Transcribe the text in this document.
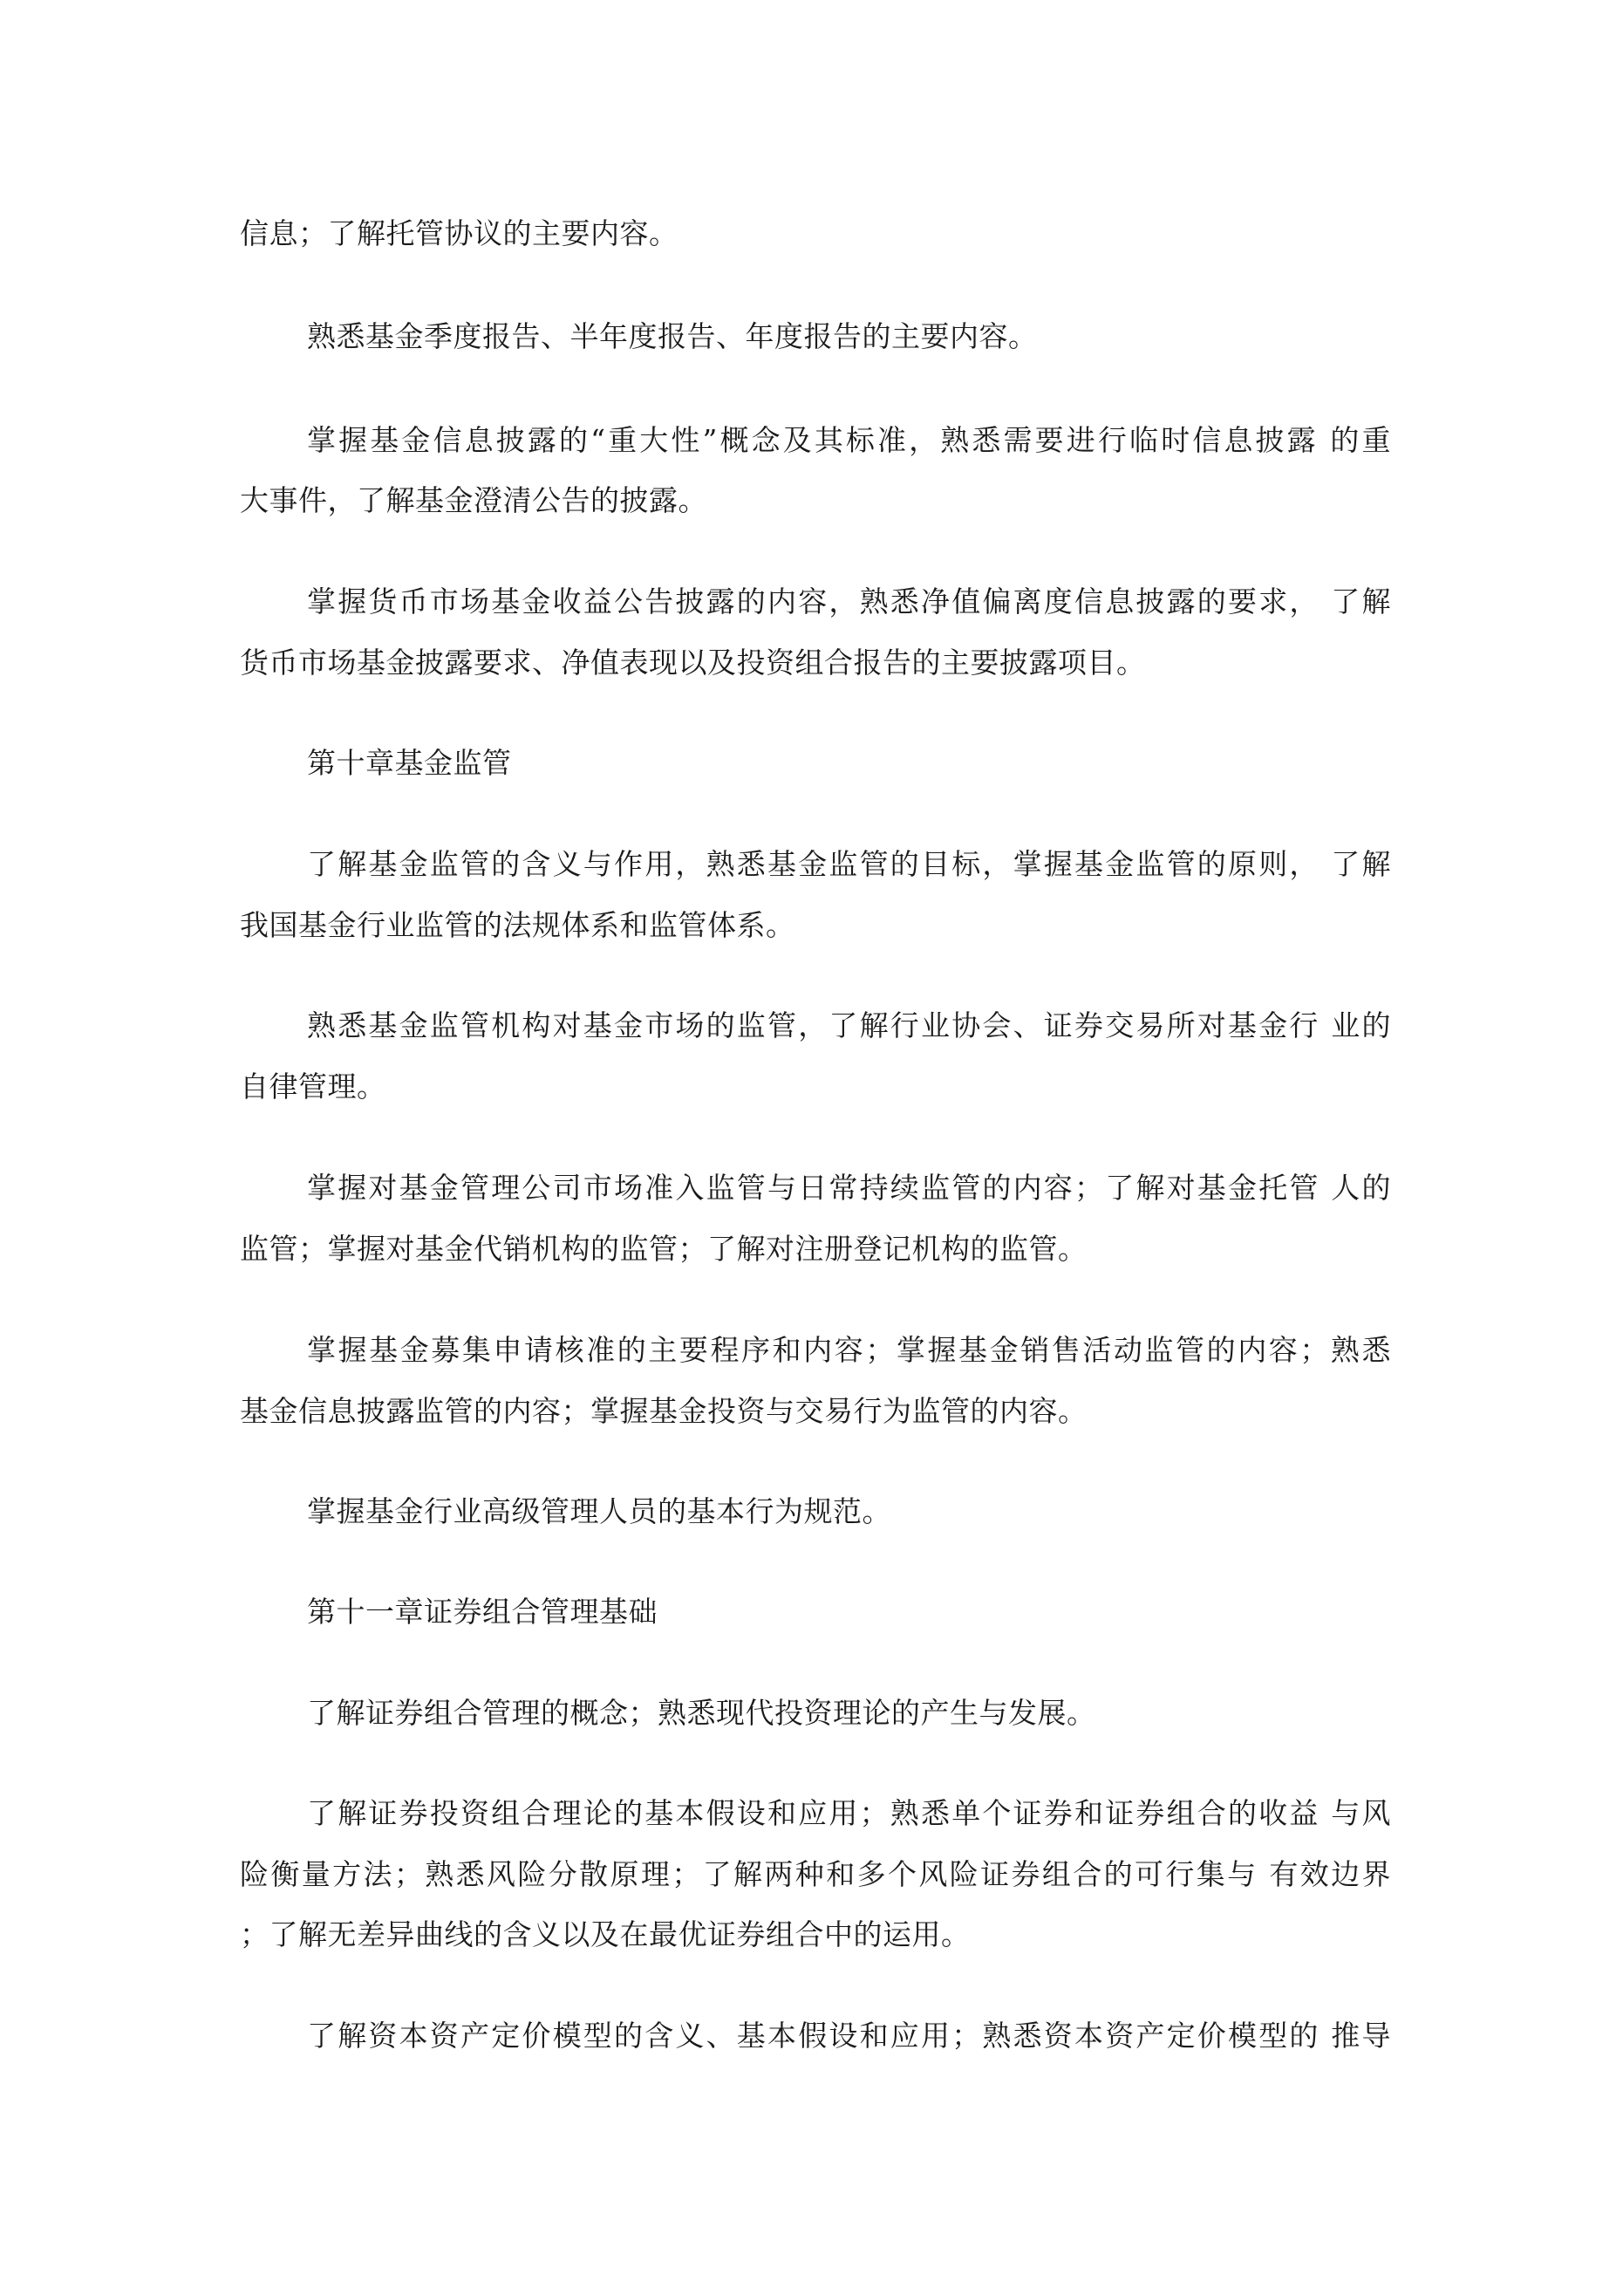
信息；了解托管协议的主要内容。
熟悉基金季度报告、半年度报告、年度报告的主要内容。
掌握基金信息披露的“重大性”概念及其标准，熟悉需要进行临时信息披露 的重
大事件，了解基金澄清公告的披露。
掌握货币市场基金收益公告披露的内容，熟悉净值偏离度信息披露的要求， 了解
货币市场基金披露要求、净值表现以及投资组合报告的主要披露项目。
第十章基金监管
了解基金监管的含义与作用，熟悉基金监管的目标，掌握基金监管的原则， 了解
我国基金行业监管的法规体系和监管体系。
熟悉基金监管机构对基金市场的监管，了解行业协会、证券交易所对基金行 业的
自律管理。
掌握对基金管理公司市场准入监管与日常持续监管的内容；了解对基金托管 人的
监管；掌握对基金代销机构的监管；了解对注册登记机构的监管。
掌握基金募集申请核准的主要程序和内容；掌握基金销售活动监管的内容；熟悉
基金信息披露监管的内容；掌握基金投资与交易行为监管的内容。
掌握基金行业高级管理人员的基本行为规范。
第十一章证券组合管理基础
了解证券组合管理的概念；熟悉现代投资理论的产生与发展。
了解证券投资组合理论的基本假设和应用；熟悉单个证券和证券组合的收益 与风
险衡量方法；熟悉风险分散原理；了解两种和多个风险证券组合的可行集与 有效边界
；了解无差异曲线的含义以及在最优证券组合中的运用。
了解资本资产定价模型的含义、基本假设和应用；熟悉资本资产定价模型的 推导
